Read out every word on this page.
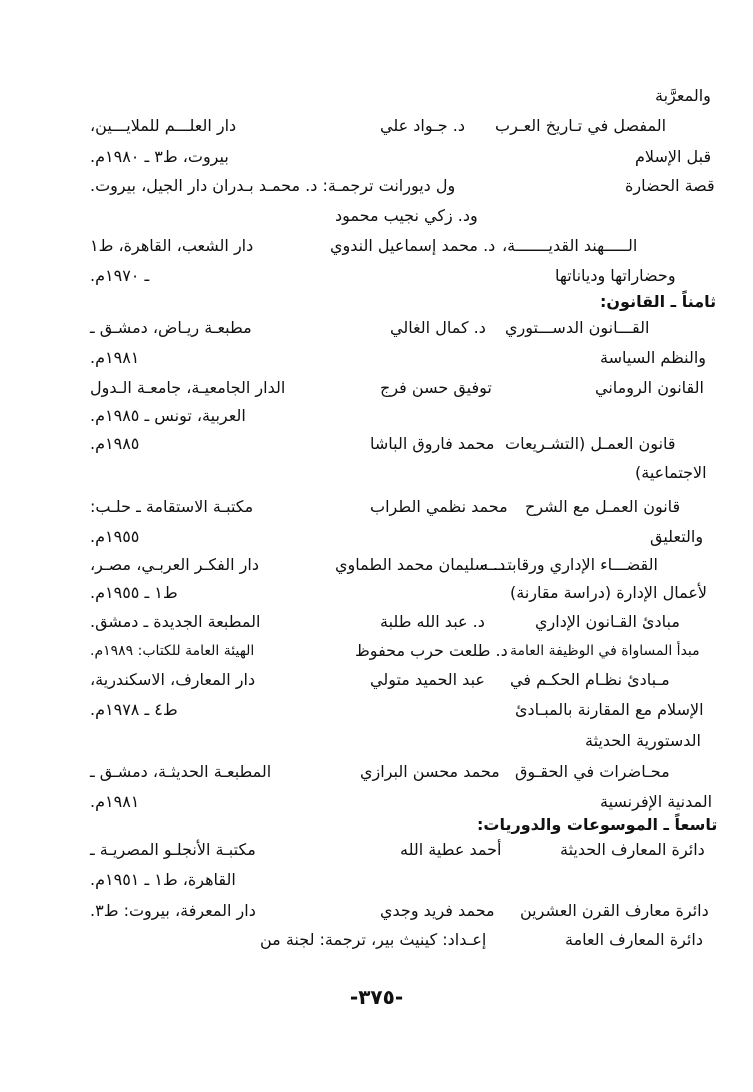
والمعرَّبة
المفصل في تـاريخ العـرب
د. جـواد علي
دار العلـــم للملايـــين،
قبل الإسلام
بيروت، ط٣ ـ ١٩٨٠م.
قصة الحضارة
ول ديورانت ترجمـة: د. محمـد بـدران دار الجيل، بيروت.
ود. زكي نجيب محمود
الـــــهند القديـــــــة،
د. محمد إسماعيل الندوي
دار الشعب، القاهرة، ط١
وحضاراتها ودياناتها
ـ ١٩٧٠م.
ثامناً ـ القانون:
القـــانون الدســـتوري
د. كمال الغالي
مطبعـة ريـاض، دمشـق ـ
والنظم السياسة
١٩٨١م.
القانون الروماني
توفيق حسن فرج
الدار الجامعيـة، جامعـة الـدول
العربية، تونس ـ ١٩٨٥م.
قانون العمـل (التشـريعات
محمد فاروق الباشا
١٩٨٥م.
الاجتماعية)
قانون العمـل مع الشرح
محمد نظمي الطراب
مكتبـة الاستقامة ـ حلـب:
والتعليق
١٩٥٥م.
القضـــاء الإداري ورقابتــــه
د. سليمان محمد الطماوي
دار الفكـر العربـي، مصـر،
لأعمال الإدارة (دراسة مقارنة)
ط١ ـ ١٩٥٥م.
مبادئ القـانون الإداري
د. عبد الله طلبة
المطبعة الجديدة ـ دمشق.
مبدأ المساواة في الوظيفة العامة
د. طلعت حرب محفوظ
الهيئة العامة للكتاب: ١٩٨٩م.
مـبادئ نظـام الحكـم في
عبد الحميد متولي
دار المعارف، الاسكندرية،
الإسلام مع المقارنة بالمبـادئ
ط٤ ـ ١٩٧٨م.
الدستورية الحديثة
محـاضرات في الحقـوق
محمد محسن البرازي
المطبعـة الحديثـة، دمشـق ـ
المدنية الإفرنسية
١٩٨١م.
تاسعاً ـ الموسوعات والدوريات:
دائرة المعارف الحديثة
أحمد عطية الله
مكتبـة الأنجلـو المصريـة ـ
القاهرة، ط١ ـ ١٩٥١م.
دائرة معارف القرن العشرين
محمد فريد وجدي
دار المعرفة، بيروت: ط٣.
دائرة المعارف العامة
إعـداد: كينيث بير، ترجمة: لجنة من
-٣٧٥-
